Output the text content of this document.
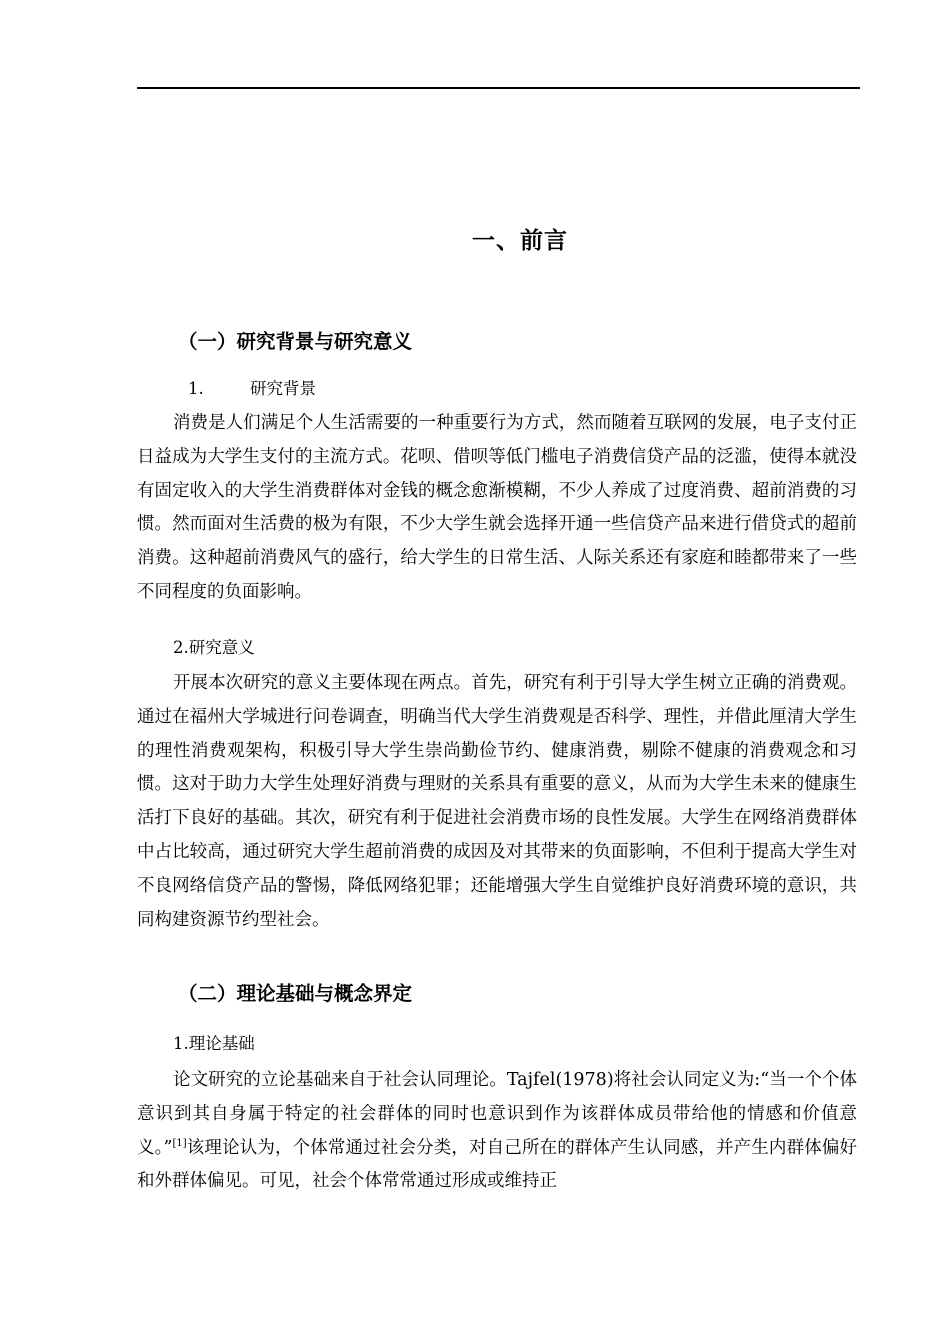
一、前言
（一）研究背景与研究意义
1.	研究背景

消费是人们满足个人生活需要的一种重要行为方式，然而随着互联网的发展，电子支付正日益成为大学生支付的主流方式。花呗、借呗等低门槛电子消费信贷产品的泛滥，使得本就没有固定收入的大学生消费群体对金钱的概念愈渐模糊，不少人养成了过度消费、超前消费的习惯。然而面对生活费的极为有限，不少大学生就会选择开通一些信贷产品来进行借贷式的超前消费。这种超前消费风气的盛行，给大学生的日常生活、人际关系还有家庭和睦都带来了一些不同程度的负面影响。

2.研究意义

开展本次研究的意义主要体现在两点。首先，研究有利于引导大学生树立正确的消费观。通过在福州大学城进行问卷调查，明确当代大学生消费观是否科学、理性，并借此厘清大学生的理性消费观架构，积极引导大学生崇尚勤俭节约、健康消费，剔除不健康的消费观念和习惯。这对于助力大学生处理好消费与理财的关系具有重要的意义，从而为大学生未来的健康生活打下良好的基础。其次，研究有利于促进社会消费市场的良性发展。大学生在网络消费群体中占比较高，通过研究大学生超前消费的成因及对其带来的负面影响，不但利于提高大学生对不良网络信贷产品的警惕，降低网络犯罪；还能增强大学生自觉维护良好消费环境的意识，共同构建资源节约型社会。

（二）理论基础与概念界定
1.理论基础

论文研究的立论基础来自于社会认同理论。Tajfel(1978)将社会认同定义为:“当一个个体意识到其自身属于特定的社会群体的同时也意识到作为该群体成员带给他的情感和价值意义。”[1]该理论认为，个体常通过社会分类，对自己所在的群体产生认同感，并产生内群体偏好和外群体偏见。可见，社会个体常常通过形成或维持正
